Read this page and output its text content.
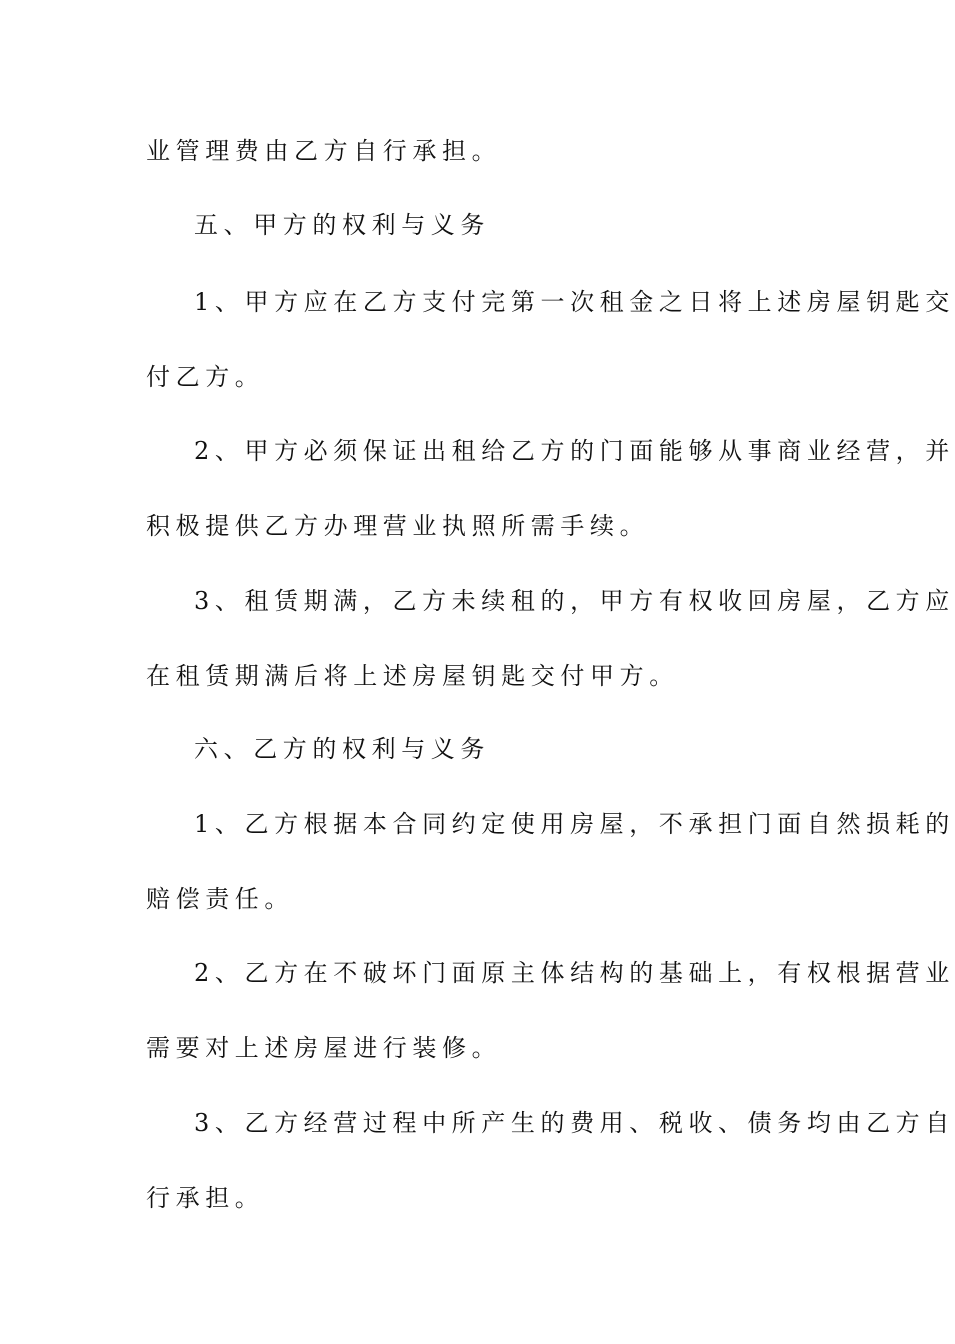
业管理费由乙方自行承担。
五、甲方的权利与义务
1、甲方应在乙方支付完第一次租金之日将上述房屋钥匙交
付乙方。
2、甲方必须保证出租给乙方的门面能够从事商业经营，并
积极提供乙方办理营业执照所需手续。
3、租赁期满，乙方未续租的，甲方有权收回房屋，乙方应
在租赁期满后将上述房屋钥匙交付甲方。
六、乙方的权利与义务
1、乙方根据本合同约定使用房屋，不承担门面自然损耗的
赔偿责任。
2、乙方在不破坏门面原主体结构的基础上，有权根据营业
需要对上述房屋进行装修。
3、乙方经营过程中所产生的费用、税收、债务均由乙方自
行承担。
